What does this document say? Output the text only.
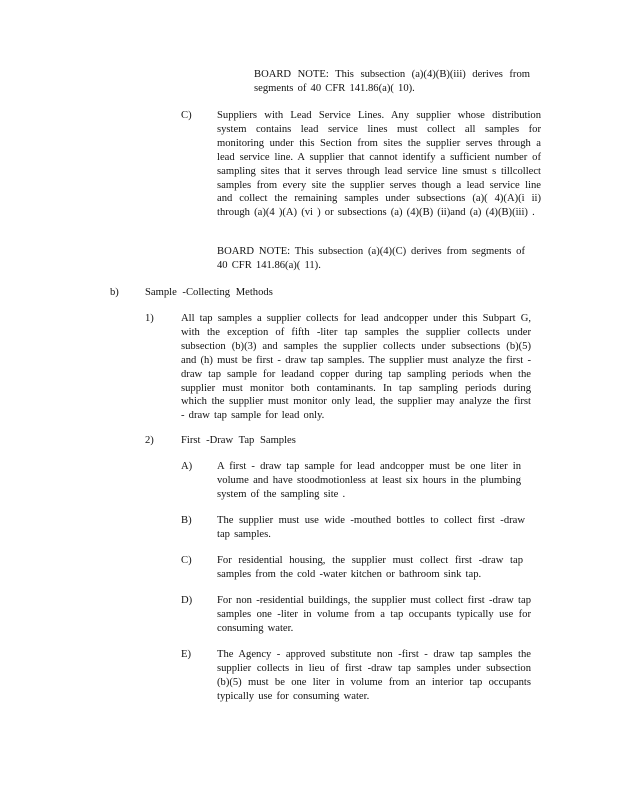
BOARD NOTE: This subsection (a)(4)(B)(iii) derives from segments of 40 CFR 141.86(a)( 10).
C) Suppliers with Lead Service Lines. Any supplier whose distribution system contains lead service lines must collect all samples for monitoring under this Section from sites the supplier serves through a lead service line. A supplier that cannot identify a sufficient number of sampling sites that it serves through lead service line smust s tillcollect samples from every site the supplier serves though a lead service line and collect the remaining samples under subsections (a)( 4)(A)(i ii) through (a)(4 )(A) (vi ) or subsections (a) (4)(B) (ii)and (a) (4)(B)(iii) .
BOARD NOTE: This subsection (a)(4)(C) derives from segments of 40 CFR 141.86(a)( 11).
b) Sample -Collecting Methods
1)	All tap samples a supplier collects for lead andcopper under this Subpart G, with the exception of fifth -liter tap samples the supplier collects under subsection (b)(3) and samples the supplier collects under subsections (b)(5) and (h) must be first - draw tap samples. The supplier must analyze the first - draw tap sample for leadand copper during tap sampling periods when the supplier must monitor both contaminants. In tap sampling periods during which the supplier must monitor only lead, the supplier may analyze the first - draw tap sample for lead only.
2)	First -Draw Tap Samples
A) A first - draw tap sample for lead andcopper must be one liter in volume and have stoodmotionless at least six hours in the plumbing system of the sampling site .
B) The supplier must use wide -mouthed bottles to collect first -draw tap samples.
C) For residential housing, the supplier must collect first -draw tap samples from the cold -water kitchen or bathroom sink tap.
D) For non -residential buildings, the supplier must collect first -draw tap samples one -liter in volume from a tap occupants typically use for consuming water.
E) The Agency - approved substitute non -first - draw tap samples the supplier collects in lieu of first -draw tap samples under subsection (b)(5) must be one liter in volume from an interior tap occupants typically use for consuming water.
